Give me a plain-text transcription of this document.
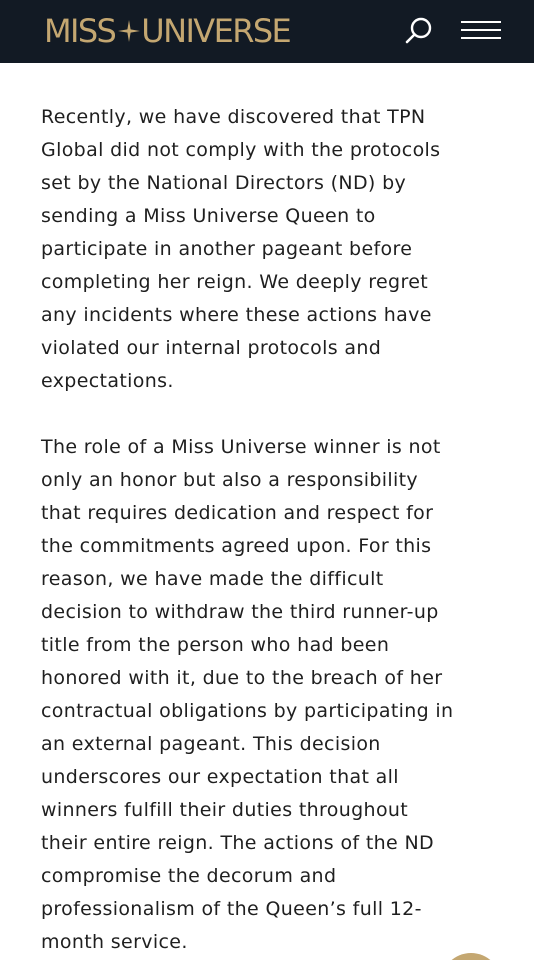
MISS UNIVERSE

Recently, we have discovered that TPN
Global did not comply with the protocols
set by the National Directors (ND) by
sending a Miss Universe Queen to
participate in another pageant before
completing her reign. We deeply regret
any incidents where these actions have
violated our internal protocols and
expectations.

The role of a Miss Universe winner is not
only an honor but also a responsibility
that requires dedication and respect for
the commitments agreed upon. For this
reason, we have made the difficult
decision to withdraw the third runner-up
title from the person who had been
honored with it, due to the breach of her
contractual obligations by participating in
an external pageant. This decision
underscores our expectation that all
winners fulfill their duties throughout
their entire reign. The actions of the ND
compromise the decorum and
professionalism of the Queen’s full 12-
month service.
